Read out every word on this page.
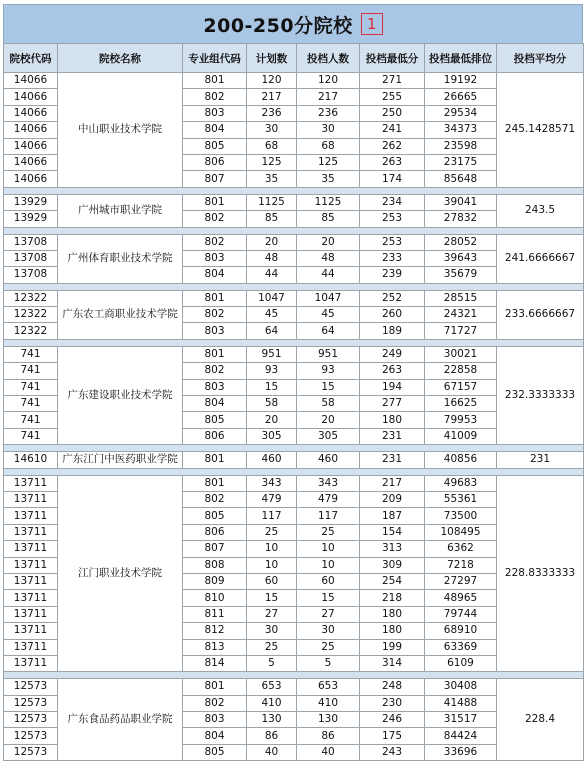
200-250分院校 1
院校代码	院校名称	专业组代码	计划数	投档人数	投档最低分	投档最低排位	投档平均分
14066	中山职业技术学院	801	120	120	271	19192	245.1428571
14066		802	217	217	255	26665	
14066		803	236	236	250	29534	
14066		804	30	30	241	34373	
14066		805	68	68	262	23598	
14066		806	125	125	263	23175	
14066		807	35	35	174	85648	

13929	广州城市职业学院	801	1125	1125	234	39041	243.5
13929		802	85	85	253	27832	

13708	广州体育职业技术学院	802	20	20	253	28052	241.6666667
13708		803	48	48	233	39643	
13708		804	44	44	239	35679	

12322	广东农工商职业技术学院	801	1047	1047	252	28515	233.6666667
12322		802	45	45	260	24321	
12322		803	64	64	189	71727	

741	广东建设职业技术学院	801	951	951	249	30021	232.3333333
741		802	93	93	263	22858	
741		803	15	15	194	67157	
741		804	58	58	277	16625	
741		805	20	20	180	79953	
741		806	305	305	231	41009	

14610	广东江门中医药职业学院	801	460	460	231	40856	231

13711	江门职业技术学院	801	343	343	217	49683	228.8333333
13711		802	479	479	209	55361	
13711		805	117	117	187	73500	
13711		806	25	25	154	108495	
13711		807	10	10	313	6362	
13711		808	10	10	309	7218	
13711		809	60	60	254	27297	
13711		810	15	15	218	48965	
13711		811	27	27	180	79744	
13711		812	30	30	180	68910	
13711		813	25	25	199	63369	
13711		814	5	5	314	6109	

12573	广东食品药品职业学院	801	653	653	248	30408	228.4
12573		802	410	410	230	41488	
12573		803	130	130	246	31517	
12573		804	86	86	175	84424	
12573		805	40	40	243	33696	
